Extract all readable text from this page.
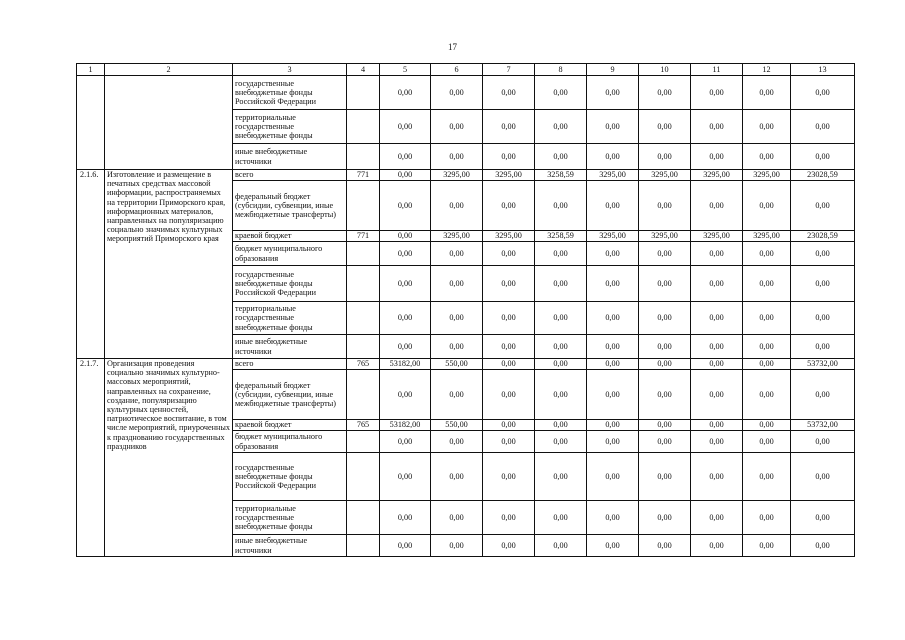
17
1	2	3	4	5	6	7	8	9	10	11	12	13
		государственные внебюджетные фонды Российской Федерации		0,00	0,00	0,00	0,00	0,00	0,00	0,00	0,00	0,00
		территориальные государственные внебюджетные фонды		0,00	0,00	0,00	0,00	0,00	0,00	0,00	0,00	0,00
		иные внебюджетные источники		0,00	0,00	0,00	0,00	0,00	0,00	0,00	0,00	0,00
2.1.6.	Изготовление и размещение в печатных средствах массовой информации, распространяемых на территории Приморского края, информационных материалов, направленных на популяризацию социально значимых культурных мероприятий Приморского края	всего	771	0,00	3295,00	3295,00	3258,59	3295,00	3295,00	3295,00	3295,00	23028,59
		федеральный бюджет (субсидии, субвенции, иные межбюджетные трансферты)		0,00	0,00	0,00	0,00	0,00	0,00	0,00	0,00	0,00
		краевой бюджет	771	0,00	3295,00	3295,00	3258,59	3295,00	3295,00	3295,00	3295,00	23028,59
		бюджет муниципального образования		0,00	0,00	0,00	0,00	0,00	0,00	0,00	0,00	0,00
		государственные внебюджетные фонды Российской Федерации		0,00	0,00	0,00	0,00	0,00	0,00	0,00	0,00	0,00
		территориальные государственные внебюджетные фонды		0,00	0,00	0,00	0,00	0,00	0,00	0,00	0,00	0,00
		иные внебюджетные источники		0,00	0,00	0,00	0,00	0,00	0,00	0,00	0,00	0,00
2.1.7.	Организация проведения социально значимых культурно-массовых мероприятий, направленных на сохранение, создание, популяризацию культурных ценностей, патриотическое воспитание, в том числе мероприятий, приуроченных к празднованию государственных праздников	всего	765	53182,00	550,00	0,00	0,00	0,00	0,00	0,00	0,00	53732,00
		федеральный бюджет (субсидии, субвенции, иные межбюджетные трансферты)		0,00	0,00	0,00	0,00	0,00	0,00	0,00	0,00	0,00
		краевой бюджет	765	53182,00	550,00	0,00	0,00	0,00	0,00	0,00	0,00	53732,00
		бюджет муниципального образования		0,00	0,00	0,00	0,00	0,00	0,00	0,00	0,00	0,00
		государственные внебюджетные фонды Российской Федерации		0,00	0,00	0,00	0,00	0,00	0,00	0,00	0,00	0,00
		территориальные государственные внебюджетные фонды		0,00	0,00	0,00	0,00	0,00	0,00	0,00	0,00	0,00
		иные внебюджетные источники		0,00	0,00	0,00	0,00	0,00	0,00	0,00	0,00	0,00
